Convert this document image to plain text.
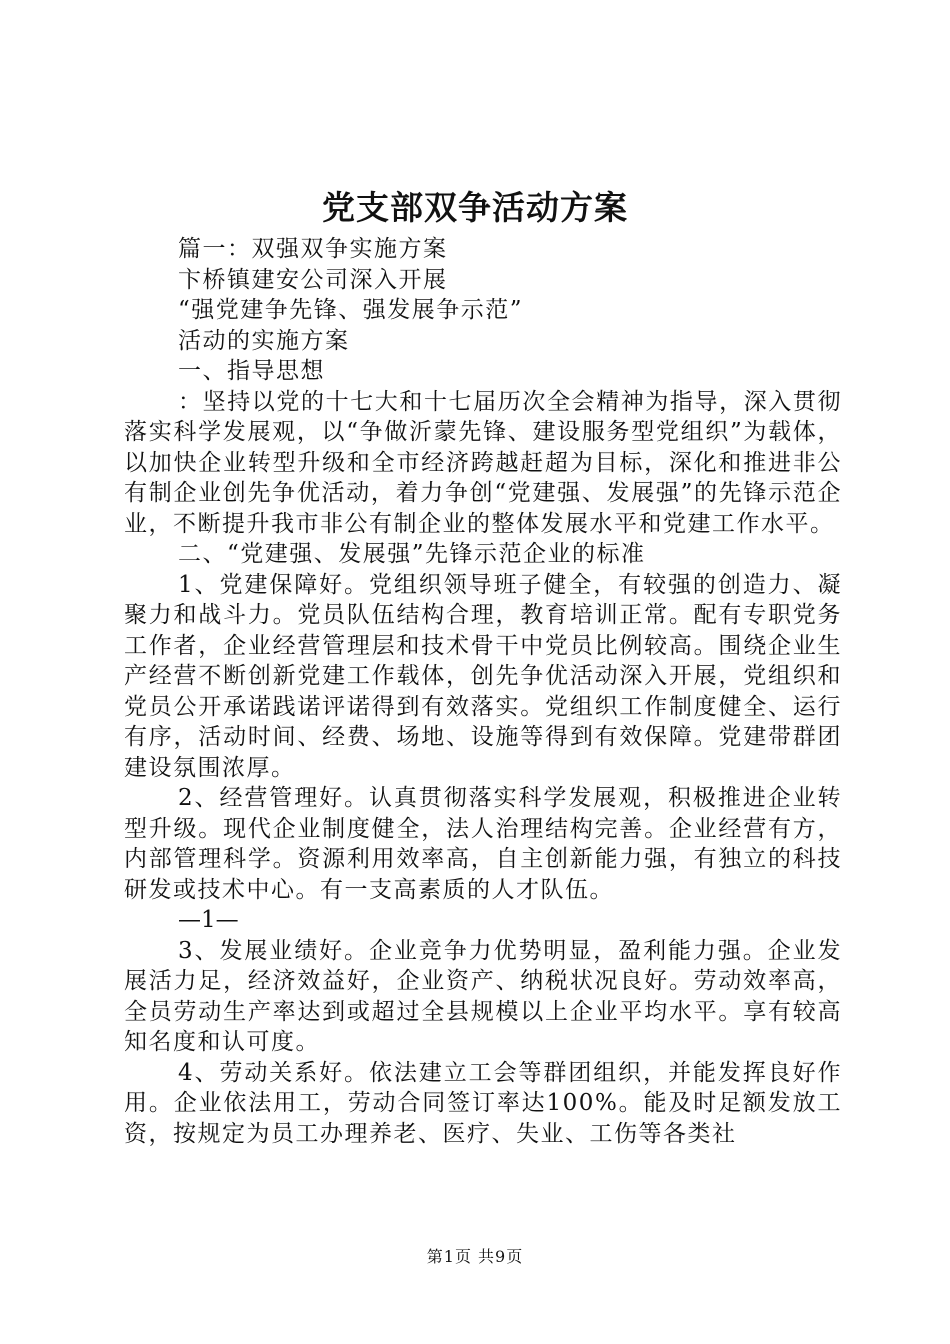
党支部双争活动方案

篇一：双强双争实施方案

卞桥镇建安公司深入开展

“强党建争先锋、强发展争示范”

活动的实施方案

一、指导思想

：坚持以党的十七大和十七届历次全会精神为指导，深入贯彻落实科学发展观，以“争做沂蒙先锋、建设服务型党组织”为载体，以加快企业转型升级和全市经济跨越赶超为目标，深化和推进非公有制企业创先争优活动，着力争创“党建强、发展强”的先锋示范企业，不断提升我市非公有制企业的整体发展水平和党建工作水平。

二、“党建强、发展强”先锋示范企业的标准

1、党建保障好。党组织领导班子健全，有较强的创造力、凝聚力和战斗力。党员队伍结构合理，教育培训正常。配有专职党务工作者，企业经营管理层和技术骨干中党员比例较高。围绕企业生产经营不断创新党建工作载体，创先争优活动深入开展，党组织和党员公开承诺践诺评诺得到有效落实。党组织工作制度健全、运行有序，活动时间、经费、场地、设施等得到有效保障。党建带群团建设氛围浓厚。

2、经营管理好。认真贯彻落实科学发展观，积极推进企业转型升级。现代企业制度健全，法人治理结构完善。企业经营有方，内部管理科学。资源利用效率高，自主创新能力强，有独立的科技研发或技术中心。有一支高素质的人才队伍。

—1—

3、发展业绩好。企业竞争力优势明显，盈利能力强。企业发展活力足，经济效益好，企业资产、纳税状况良好。劳动效率高，全员劳动生产率达到或超过全县规模以上企业平均水平。享有较高知名度和认可度。

4、劳动关系好。依法建立工会等群团组织，并能发挥良好作用。企业依法用工，劳动合同签订率达100%。能及时足额发放工资，按规定为员工办理养老、医疗、失业、工伤等各类社

第1页 共9页
